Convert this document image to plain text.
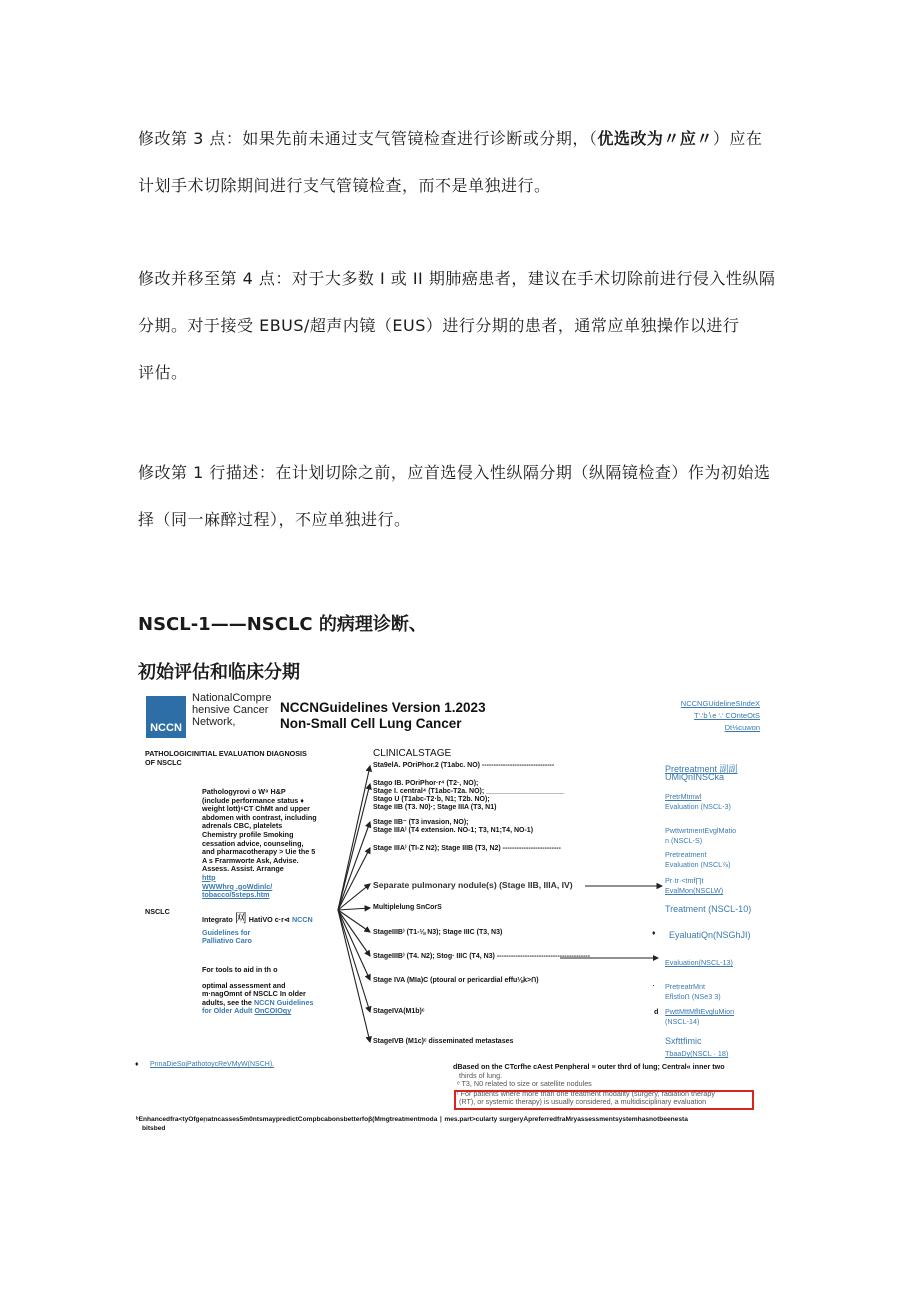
修改第 3 点：如果先前未通过支气管镜检查进行诊断或分期，（优选改为〃应〃）应在
计划手术切除期间进行支气管镜检查，而不是单独进行。
修改并移至第 4 点：对于大多数 I 或 II 期肺癌患者，建议在手术切除前进行侵入性纵隔
分期。对于接受 EBUS/超声内镜（EUS）进行分期的患者，通常应单独操作以进行
评估。
修改第 1 行描述：在计划切除之前，应首选侵入性纵隔分期（纵隔镜检查）作为初始选
择（同一麻醉过程），不应单独进行。
NSCL-1——NSCLC 的病理诊断、
初始评估和临床分期
NCCN
NationalCompre
hensive Cancer
Network,
NCCNGuidelines Version 1.2023
Non-Small Cell Lung Cancer
NCCNGUidelineSIndeX
T∵b∖e ∵ COnteOtS
Dt⅛cuwon
PATHOLOGICINITIAL EVALUATION DIAGNOSIS
OF NSCLC
CLINICALSTAGE
Pathologyrovi o W⁹ H&P
(include performance status ♦
weight lott)⁶CT ChMt and upper
abdomen with contrast, including
adrenals CBC, platelets
Chemistry profile Smoking
cessation advice, counseling,
and pharmacotherapy > Uie the 5
A s Frarmworte Ask, Advise.
Assess. Assist. Arrange
http
WWWhrq .goWdinlc/
tobacco/5steps.htm
NSCLC
Integrato 网 HatiVO c·r⊲ NCCN
Guidelines for
Palliativo Caro
For tools to aid in th o
optimal assessment and
m·nagOmnt of NSCLC In older
adults, see the NCCN Guidelines
for Older Adult OnCOIOqy
Sta9elA. POriPhor.2 (T1abc. NO) -------------------------------
Stago IB. POriPhor·r⁴ (T2·, NO);
Stage I. central⁴ (T1abc-T2a. NO); ____________________
Stago U (T1abc-T2·b, N1; T2b. NO);
Stage IIB (T3. N0)·; Stage IIIA (T3, N1)
Stage IIB⁻ (T3 invasion, NO);
Stage IIIA⁾ (T4 extension. NO-1; T3, N1;T4, NO-1)
Stage IIIA⁾ (TI-Z N2); Stage IIIB (T3, N2) -------------------------
Separate pulmonary nodule(s) (Stage IIB, IIIA, IV)
Multiplelung SnCorS
StageIIIB⁾ (T1-⅛ N3); Stage IIIC (T3, N3)
StageIIIB⁾ (T4. N2); Stog· IIIC (T4, N3) ----------------------------------------
Stage IVA (MIa)C (ptoural or pericardial effu⅛k>ᑎ)
StageIVA(M1b)ᶜ
StageIVB (M1c)ᶜ disseminated metastases
Pretreatment 副副
UMiQnINSCka
PretrMtmwl
Evaluation (NSCL-3)
PwttwrtmentEvglMatio
n (NSCL-S)
Pretreatment
Evaluation (NSCL⅞)
Pr·tr·<tmf∏t
EvalMon(NSCLW)
Treatment (NSCL-10)
EyaluatiQn(NSGhJI)
Evaluation(NSCL-13)
PretreatrMnt
Eflstloᑎ (NSe3 3)
PwttMttMfltEvgluMion
(NSCL-14)
Sxfttfimic
TbaaDy(NSCL · 18)
♦
·
d
♦ PnnaDieSojPathotoycReVMyW(NSCH).	dBased on the CTcrfhe cAest Penpheral ≡ outer thrd of lung; Central« inner two
thirds of lung.
ᵉ T3, N0 related to size or satellite nodules
ᶠ For patients where more than one treatment modality (surgery, radiation therapy
(RT), or systemic therapy) is usually considered, a multidisciplinary evaluation
ᵇEnhancedfra<tyOfgeŗıatncasses5m0ntsmaypredictCompbcabonsbetterfoβ(Mmgtreatmentmoda ∣ mes.part>cularty surgeryApreferredfraMryassessmentsystemhasnotbeenesta
bitsbed
